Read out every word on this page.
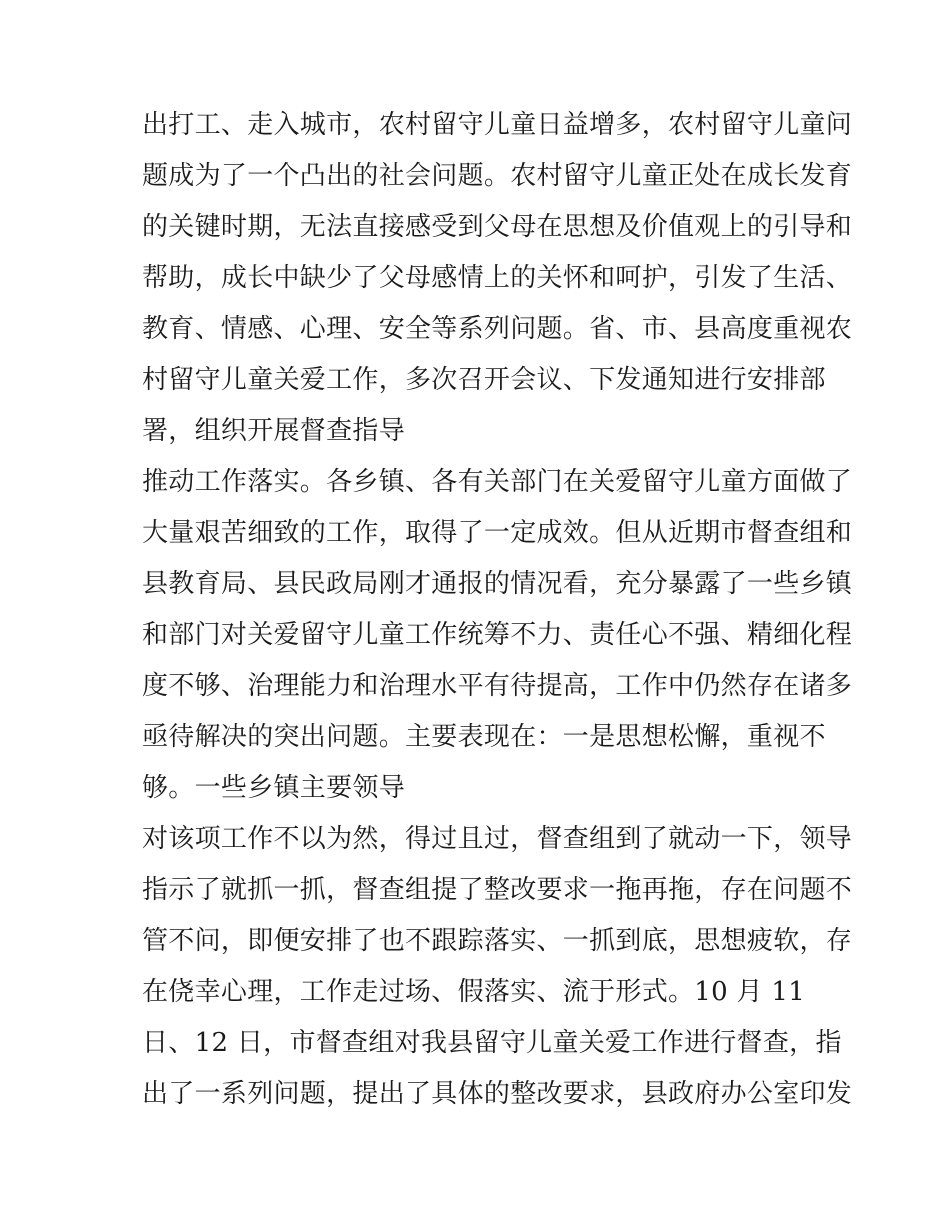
出打工、走入城市，农村留守儿童日益增多，农村留守儿童问
题成为了一个凸出的社会问题。农村留守儿童正处在成长发育
的关键时期，无法直接感受到父母在思想及价值观上的引导和
帮助，成长中缺少了父母感情上的关怀和呵护，引发了生活、
教育、情感、心理、安全等系列问题。省、市、县高度重视农
村留守儿童关爱工作，多次召开会议、下发通知进行安排部
署，组织开展督查指导
推动工作落实。各乡镇、各有关部门在关爱留守儿童方面做了
大量艰苦细致的工作，取得了一定成效。但从近期市督查组和
县教育局、县民政局刚才通报的情况看，充分暴露了一些乡镇
和部门对关爱留守儿童工作统筹不力、责任心不强、精细化程
度不够、治理能力和治理水平有待提高，工作中仍然存在诸多
亟待解决的突出问题。主要表现在：一是思想松懈，重视不
够。一些乡镇主要领导
对该项工作不以为然，得过且过，督查组到了就动一下，领导
指示了就抓一抓，督查组提了整改要求一拖再拖，存在问题不
管不问，即便安排了也不跟踪落实、一抓到底，思想疲软，存
在侥幸心理，工作走过场、假落实、流于形式。10 月 11
日、12 日，市督查组对我县留守儿童关爱工作进行督查，指
出了一系列问题，提出了具体的整改要求，县政府办公室印发
